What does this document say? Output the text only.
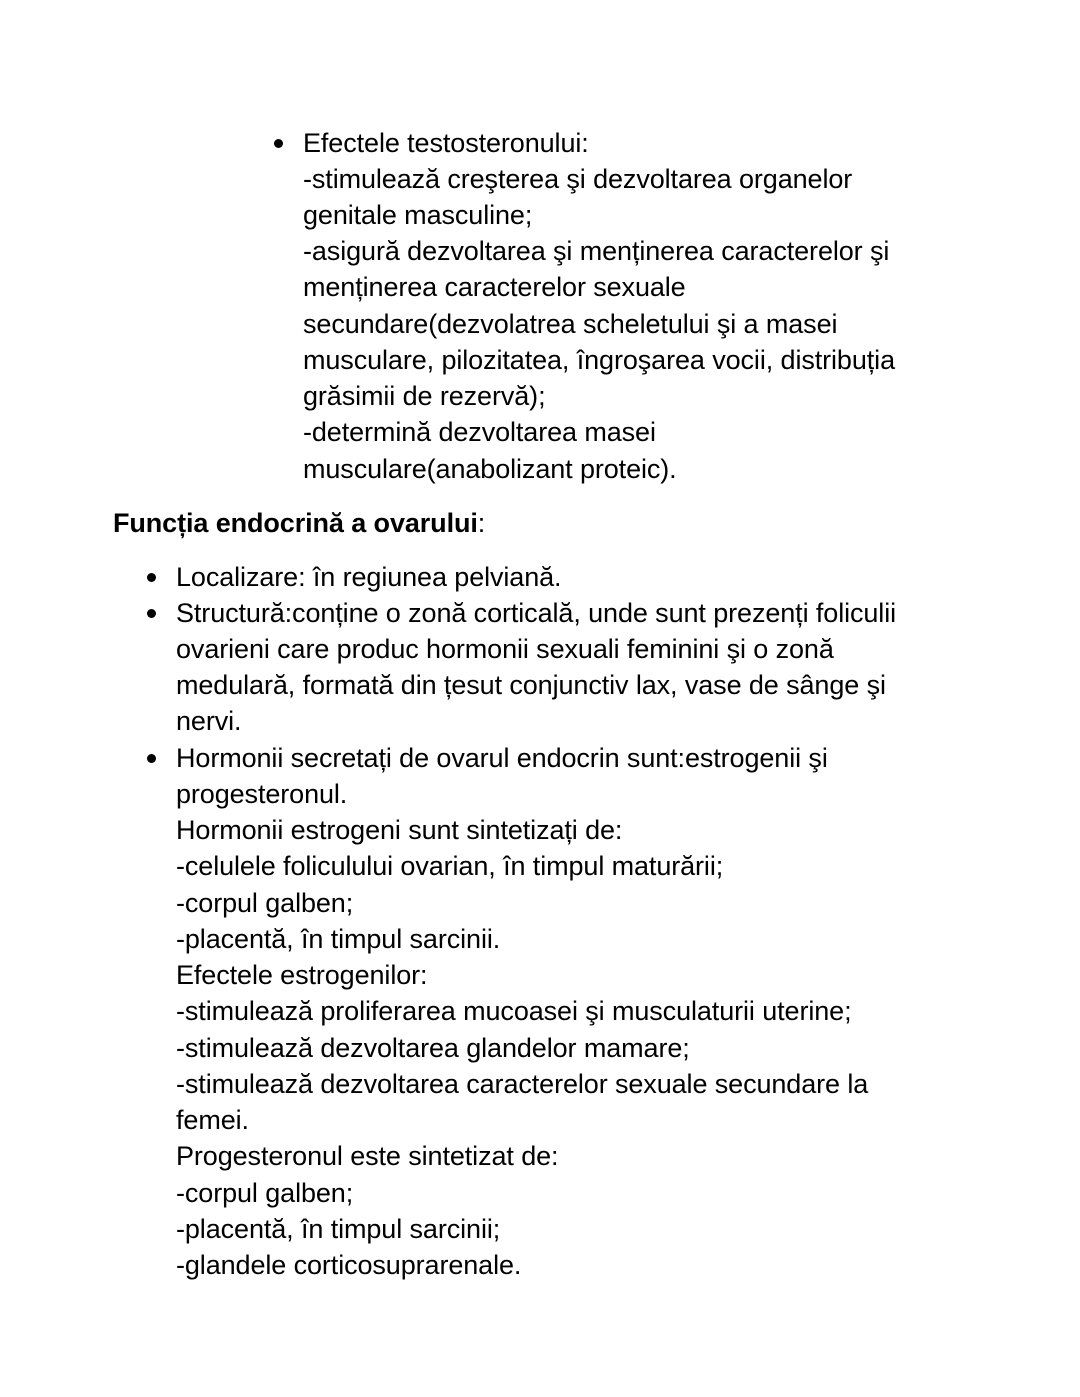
Efectele testosteronului:
-stimulează creşterea şi dezvoltarea organelor
genitale masculine;
-asigură dezvoltarea şi menținerea caracterelor şi
menținerea caracterelor sexuale
secundare(dezvolatrea scheletului şi a masei
musculare, pilozitatea, îngroşarea vocii, distribuția
grăsimii de rezervă);
-determină dezvoltarea masei
musculare(anabolizant proteic).
Funcția endocrină a ovarului:
Localizare: în regiunea pelviană.
Structură:conține o zonă corticală, unde sunt prezenți foliculii
ovarieni care produc hormonii sexuali feminini şi o zonă
medulară, formată din țesut conjunctiv lax, vase de sânge şi
nervi.
Hormonii secretați de ovarul endocrin sunt:estrogenii şi
progesteronul.
Hormonii estrogeni sunt sintetizați de:
-celulele foliculului ovarian, în timpul maturării;
-corpul galben;
-placentă, în timpul sarcinii.
Efectele estrogenilor:
-stimulează proliferarea mucoasei şi musculaturii uterine;
-stimulează dezvoltarea glandelor mamare;
-stimulează dezvoltarea caracterelor sexuale secundare la
femei.
Progesteronul este sintetizat de:
-corpul galben;
-placentă, în timpul sarcinii;
-glandele corticosuprarenale.
